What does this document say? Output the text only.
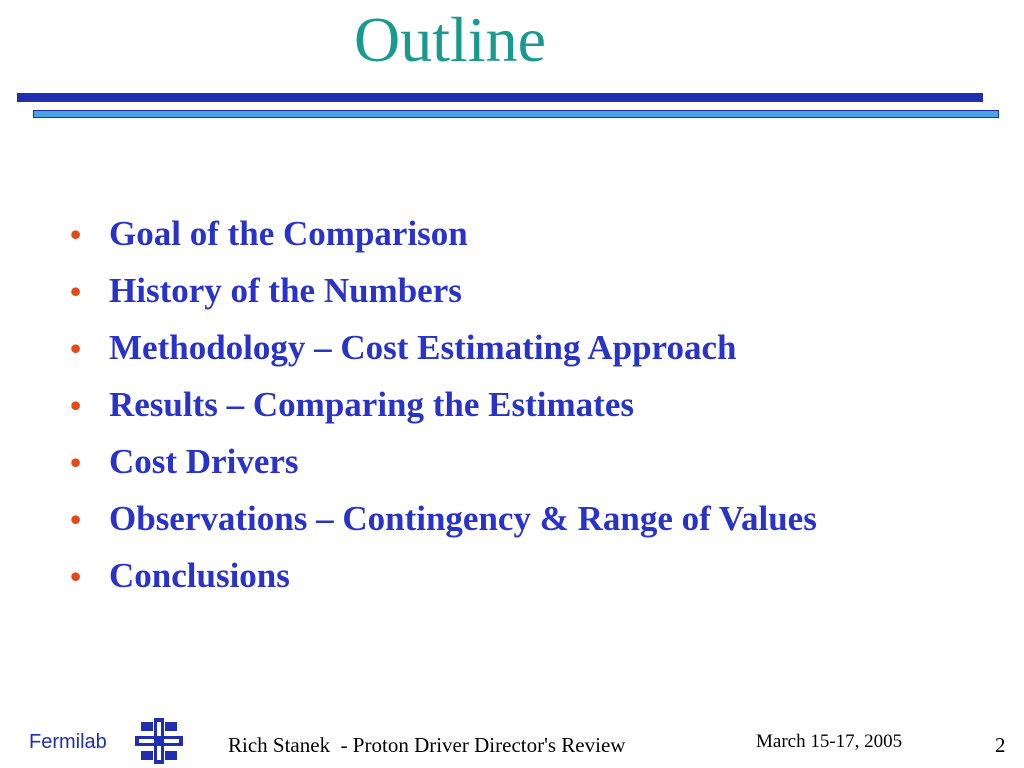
Outline
• Goal of the Comparison
• History of the Numbers
• Methodology – Cost Estimating Approach
• Results – Comparing the Estimates
• Cost Drivers
• Observations – Contingency & Range of Values
• Conclusions
Fermilab	Rich Stanek  - Proton Driver Director's Review	March 15-17, 2005	2
